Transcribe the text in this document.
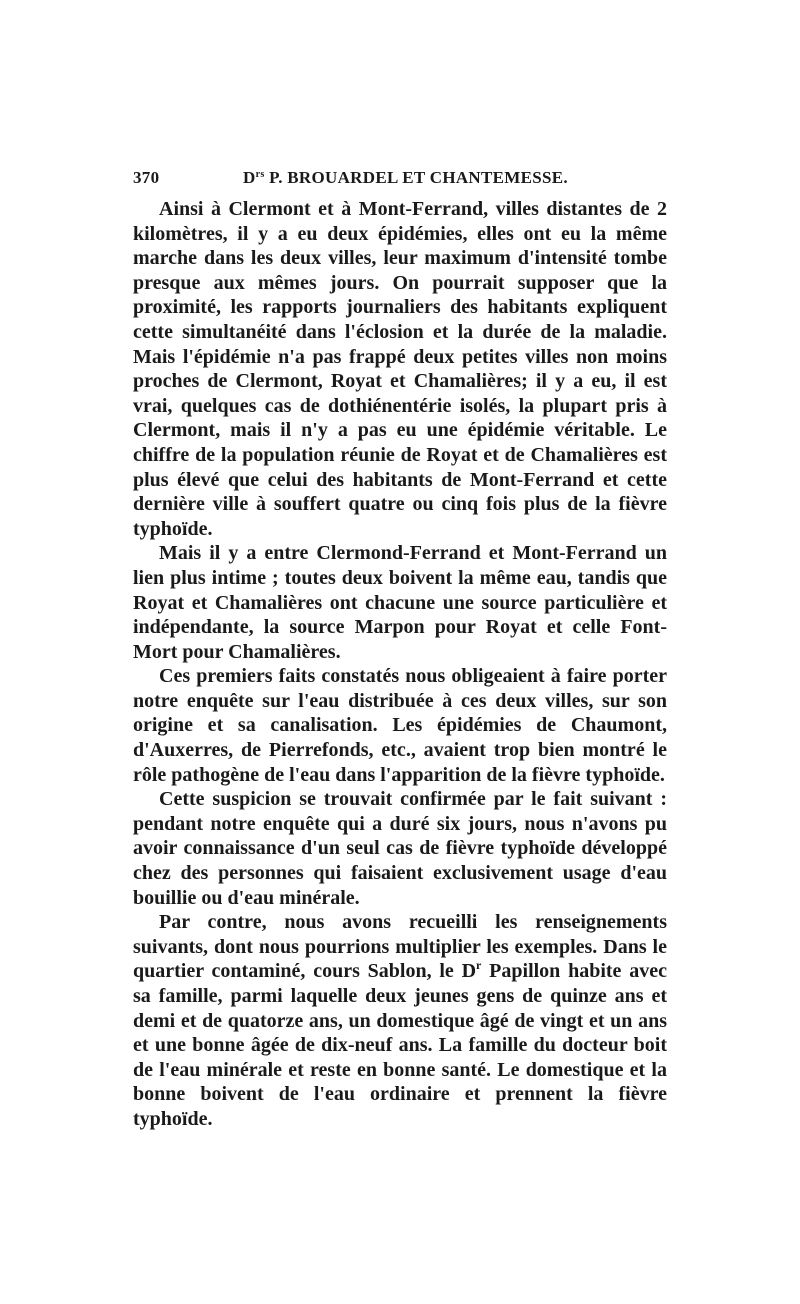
370	$D^{rs}$ P. BROUARDEL ET CHANTEMESSE.

Ainsi à Clermont et à Mont-Ferrand, villes distantes de 2 kilomètres, il y a eu deux épidémies, elles ont eu la même marche dans les deux villes, leur maximum d'intensité tombe presque aux mêmes jours. On pourrait supposer que la proximité, les rapports journaliers des habitants expliquent cette simultanéité dans l'éclosion et la durée de la maladie. Mais l'épidémie n'a pas frappé deux petites villes non moins proches de Clermont, Royat et Chamalières; il y a eu, il est vrai, quelques cas de dothiénentérie isolés, la plupart pris à Clermont, mais il n'y a pas eu une épidémie véritable. Le chiffre de la population réunie de Royat et de Chamalières est plus élevé que celui des habitants de Mont-Ferrand et cette dernière ville à souffert quatre ou cinq fois plus de la fièvre typhoïde.

Mais il y a entre Clermond-Ferrand et Mont-Ferrand un lien plus intime ; toutes deux boivent la même eau, tandis que Royat et Chamalières ont chacune une source particulière et indépendante, la source Marpon pour Royat et celle Font-Mort pour Chamalières.

Ces premiers faits constatés nous obligeaient à faire porter notre enquête sur l'eau distribuée à ces deux villes, sur son origine et sa canalisation. Les épidémies de Chaumont, d'Auxerres, de Pierrefonds, etc., avaient trop bien montré le rôle pathogène de l'eau dans l'apparition de la fièvre typhoïde.

Cette suspicion se trouvait confirmée par le fait suivant : pendant notre enquête qui a duré six jours, nous n'avons pu avoir connaissance d'un seul cas de fièvre typhoïde développé chez des personnes qui faisaient exclusivement usage d'eau bouillie ou d'eau minérale.

Par contre, nous avons recueilli les renseignements suivants, dont nous pourrions multiplier les exemples. Dans le quartier contaminé, cours Sablon, le $D^r$ Papillon habite avec sa famille, parmi laquelle deux jeunes gens de quinze ans et demi et de quatorze ans, un domestique âgé de vingt et un ans et une bonne âgée de dix-neuf ans. La famille du docteur boit de l'eau minérale et reste en bonne santé. Le domestique et la bonne boivent de l'eau ordinaire et prennent la fièvre typhoïde.
